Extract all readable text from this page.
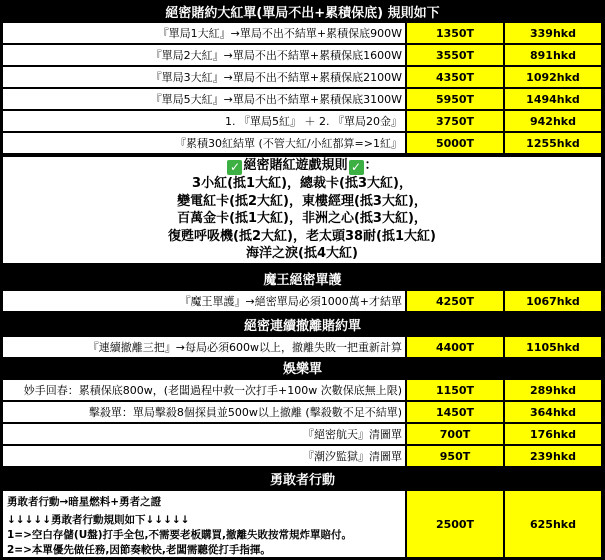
絕密賭約大紅單(單局不出+累積保底) 規則如下
『單局1大紅』→單局不出不結單+累積保底900W	1350T	339hkd
『單局2大紅』→單局不出不結單+累積保底1600W	3550T	891hkd
『單局3大紅』→單局不出不結單+累積保底2100W	4350T	1092hkd
『單局5大紅』→單局不出不結單+累積保底3100W	5950T	1494hkd
1. 『單局5紅』 ＋ 2. 『單局20金』	3750T	942hkd
『累積30紅結單 (不管大紅/小紅都算=>1紅』	5000T	1255hkd
✓ 絕密賭紅遊戲規則 ✓ ：
3小紅(抵1大紅)，總裁卡(抵3大紅)，
變電紅卡(抵2大紅)，東樓經理(抵3大紅)，
百萬金卡(抵1大紅)，非洲之心(抵3大紅)，
復甦呼吸機(抵2大紅)，老太頭38耐(抵1大紅)
海洋之淚(抵4大紅)
魔王絕密單護
『魔王單護』→絕密單局必須1000萬+才結單	4250T	1067hkd
絕密連續撤離賭約單
『連續撤離三把』→每局必須600w以上，撤離失敗一把重新計算	4400T	1105hkd
娛樂單
妙手回春：累積保底800w，(老闆過程中救一次打手+100w 次數保底無上限)	1150T	289hkd
擊殺單：單局擊殺8個探員並500w以上撤離 (擊殺數不足不結單)	1450T	364hkd
『絕密航天』清圖單	700T	176hkd
『潮汐監獄』清圖單	950T	239hkd
勇敢者行動
勇敢者行動→暗星燃料+勇者之證
↓↓↓↓↓勇敢者行動規則如下↓↓↓↓↓
1=>空白存儲(U盤)打手全包,不需要老板購買,撤離失敗按常規炸單賠付。
2=>本單優先做任務,因節奏較快,老闆需聽從打手指揮。
2500T	625hkd
